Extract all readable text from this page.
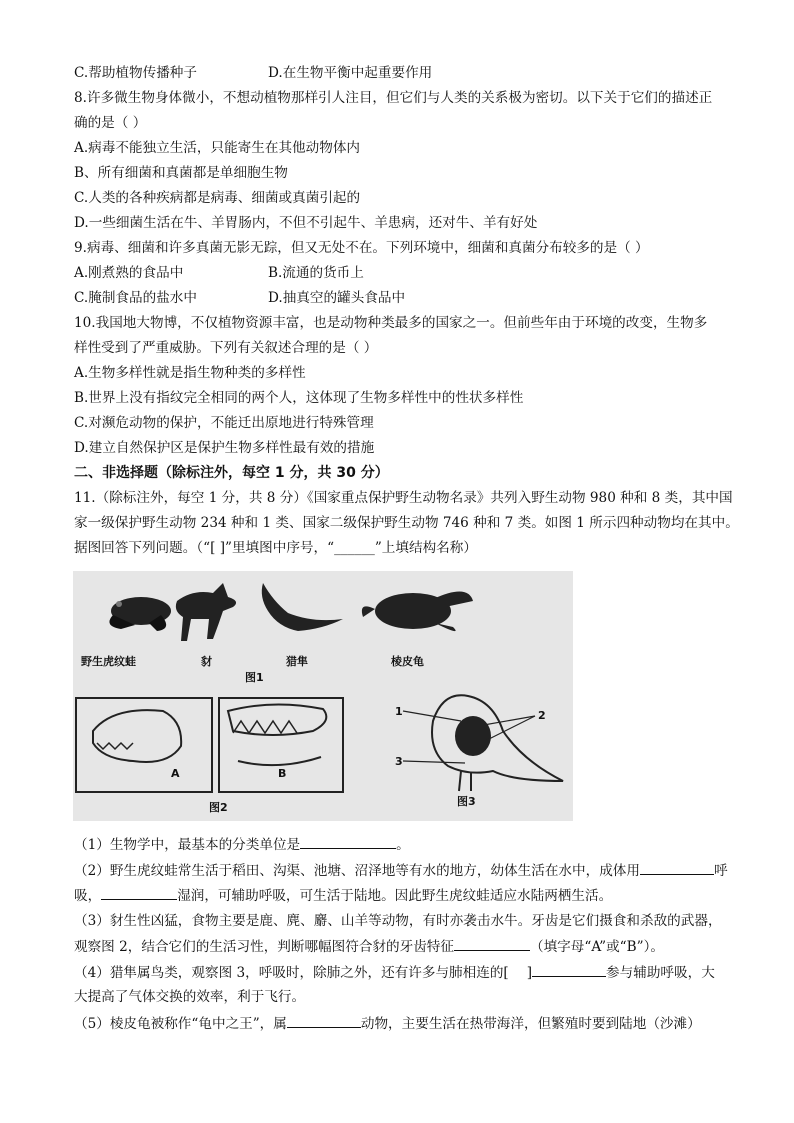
C.帮助植物传播种子	D.在生物平衡中起重要作用
8.许多微生物身体微小，不想动植物那样引人注目，但它们与人类的关系极为密切。以下关于它们的描述正
确的是（ ）
A.病毒不能独立生活，只能寄生在其他动物体内
B、所有细菌和真菌都是单细胞生物
C.人类的各种疾病都是病毒、细菌或真菌引起的
D.一些细菌生活在牛、羊胃肠内，不但不引起牛、羊患病，还对牛、羊有好处
9.病毒、细菌和许多真菌无影无踪，但又无处不在。下列环境中，细菌和真菌分布较多的是（ ）
A.刚煮熟的食品中	B.流通的货币上
C.腌制食品的盐水中	D.抽真空的罐头食品中
10.我国地大物博，不仅植物资源丰富，也是动物种类最多的国家之一。但前些年由于环境的改变，生物多
样性受到了严重威胁。下列有关叙述合理的是（ ）
A.生物多样性就是指生物种类的多样性
B.世界上没有指纹完全相同的两个人，这体现了生物多样性中的性状多样性
C.对濒危动物的保护，不能迁出原地进行特殊管理
D.建立自然保护区是保护生物多样性最有效的措施
二、非选择题（除标注外，每空 1 分，共 30 分）
11.（除标注外，每空 1 分，共 8 分）《国家重点保护野生动物名录》共列入野生动物 980 种和 8 类，其中国
家一级保护野生动物 234 种和 1 类、国家二级保护野生动物 746 种和 7 类。如图 1 所示四种动物均在其中。
据图回答下列问题。（“[ ]”里填图中序号，“______”上填结构名称）
野生虎纹蛙	豺	猎隼	棱皮龟
图1
A	B
图2
1	2
3
图3
（1）生物学中，最基本的分类单位是	。
（2）野生虎纹蛙常生活于稻田、沟渠、池塘、沼泽地等有水的地方，幼体生活在水中，成体用	呼
吸，	湿润，可辅助呼吸，可生活于陆地。因此野生虎纹蛙适应水陆两栖生活。
（3）豺生性凶猛，食物主要是鹿、麂、麝、山羊等动物，有时亦袭击水牛。牙齿是它们摄食和杀敌的武器，
观察图 2，结合它们的生活习性，判断哪幅图符合豺的牙齿特征	（填字母“A”或“B”）。
（4）猎隼属鸟类，观察图 3，呼吸时，除肺之外，还有许多与肺相连的[ ]	参与辅助呼吸，大
大提高了气体交换的效率，利于飞行。
（5）棱皮龟被称作“龟中之王”，属	动物，主要生活在热带海洋，但繁殖时要到陆地（沙滩）
